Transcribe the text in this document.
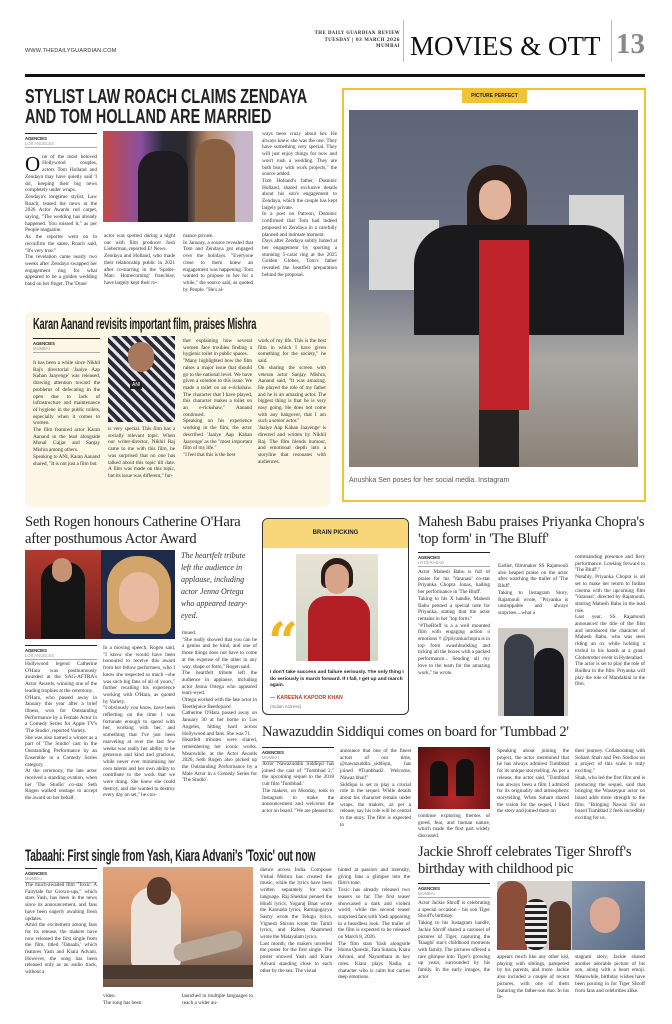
WWW.THEDAILYGUARDIAN.COM
THE DAILY GUARDIAN REVIEW
TUESDAY | 03 MARCH 2026
MUMBAI MOVIES & OTT 13
STYLIST LAW ROACH CLAIMS ZENDAYA AND TOM HOLLAND ARE MARRIED
AGENCIES
LOS ANGELES

One of the most beloved Hollywood couples, actors Tom Holland and Zendaya may have quietly said 'I do', keeping their big news completely under wraps.
Zendaya's longtime stylist, Law Roach, teased the news at the 2026 Actor Awards red carpet, saying, "The wedding has already happened. You missed it," as per People magazine.
As the reporter went on to reconfirm the same, Roach said, "It's very true."
The revelation came nearly two weeks after Zendaya swapped her engagement ring for what appeared to be a golden wedding band on her finger. The 'Dune'

actor was spotted during a night out with film producer Josh Lieberman, reported E! News.
Zendaya and Holland, who made their relationship public in 2021 after co-starring in the 'Spider-Man: Homecoming' franchise, have largely kept their ro-
mance private.
In January, a source revealed that Tom and Zendaya got engaged over the holidays. "Everyone close to them knew an engagement was happening. Tom wanted to propose to her for a while," the source said, as quoted by People. "He's al-
ways been crazy about her. He always knew she was the one. They have something very special. They will just enjoy things for now and won't rush a wedding. They are both busy with work projects," the source added.
Tom Holland's father, Dominic Holland, shared exclusive details about his son's engagement to Zendaya, which the couple has kept largely private.
In a post on Patreon, Dominic confirmed that Tom had indeed proposed to Zendaya in a carefully planned and intimate moment.
Days after Zendaya subtly hinted at her engagement by sporting a stunning 5-carat ring at the 2025 Golden Globes, Tom's father revealed the heartfelt preparation behind the proposal.
PICTURE PERFECT
Anushka Sen poses for her social media. Instagram
Karan Aanand revisits important film, praises Mishra
AGENCIES
MUMBAI
It has been a while since Nikhil Raj's directorial 'Jaaiye Aap Kahan Jaayenge' was released, drawing attention toward the problems of defecating in the open due to lack of infrastructure and maintenance of hygiene in the public toilets, especially when it comes to women.
The film featured actor Karan Aanand in the lead alongside Monal Gajjar and Sanjay Mishra among others.
Speaking to ANI, Karan Aanand shared, "It is not just a film but
ANI
is very special. This film has a socially relevant topic. When our writer-director, Nikhil Raj came to me with this film, he was surprised that no one has talked about this topic till date. A film was made on this topic, but its issue was different," fur-
ther explaining how several women face troubles finding a hygienic toilet in public spaces.
"Many highlighted how the film raises a major issue that should go to the national level. We have given a solution to this issue. We made a toilet on an e-rickshaw. The character that I have played, this character makes a toilet on an e-rickshaw," Aanand continued.
Speaking on his experience working in the film, the actor described 'Jaaiye Aap Kahan Jaayenge' as the "most important film of my life."
"I feel that this is the best
work of my life. This is the best film in which I have given something for the society," he said.
On sharing the screen with veteran actor Sanjay Mishra, Aanand said, "It was amazing. He played the role of my father and he is an amazing actor. The biggest thing is that he is very easy going. He does not come with any hangover, that I am such a senior actor."
'Jaaiye Aap Kahan Jaayenge' is directed and written by Nikhil Raj. The film blends humour, and emotional depth into a storyline that resonates with audiences.
Seth Rogen honours Catherine O'Hara after posthumous Actor Award
The heartfelt tribute left the audience in applause, including actor Jenna Ortega who appeared teary-eyed.
AGENCIES
LOS ANGELES
Hollywood legend Catherine O'Hara was posthumously awarded at the SAG-AFTRA's Actor Awards, winning one of the leading trophies at the ceremony.
O'Hara, who passed away in January this year after a brief illness, won for Outstanding Performance by a Female Actor in a Comedy Series for Apple TV's 'The Studio', reported Variety.
She was also named a winner as a part of 'The Studio' cast in the Outstanding Performance by an Ensemble in a Comedy Series category.
At the ceremony, the late actor received a standing ovation, when her 'The Studio' co-star Seth Rogen walked onstage to accept the award on her behalf.
In a moving speech, Rogen said, "I know she would have been honoured to receive this award from her fellow performers, who I know she respected so much --she was such big fans of all of yours," further recalling his experience working with O'Hara, as quoted by Variety.
"I obviously you know, have been reflecting on the time I was fortunate enough to spend with her, working with her, and something that I've just been marveling at over the last few weeks was really her ability to be generous and kind and gracious, while never ever minimising her own talents and her own ability to contribute to the work that we were doing. She knew she could destroy, and she wanted to destroy every day on set," he con-
tinued.
"She really showed that you can be a genius and be kind, and one of those things does not have to come at the expense of the other in any way, shape or form," Rogen said.
The heartfelt tribute left the audience in applause, including actor Jenna Ortega who appeared teary-eyed.
Ortega worked with the late actor in 'Beetlejuice Beetlejuice'.
Catherine O'Hara passed away on January 30 at her home in Los Angeles, hitting hard across Hollywood and fans. She was 71.
Heartfelt tributes were shared, remembering her iconic works. Meanwhile, at the Actor Awards 2026, Seth Rogen also picked up the Outstanding Performance by a Male Actor in a Comedy Series for 'The Studio'.
BRAIN PICKING
“
I don't take success and failure seriously. The only thing I do seriously is march forward. If I fall, I get up and march again.
— KAREENA KAPOOR KHAN
(Indian Actress)
Mahesh Babu praises Priyanka Chopra's 'top form' in 'The Bluff'
AGENCIES
HYDERABAD
Actor Mahesh Babu is full of praise for his 'Varanasi' co-star Priyanka Chopra Jonas, hailing her performance in 'The Bluff'.
Taking to his X handle, Mahesh Babu penned a special note for Priyanka, stating that the actor remains in her "top form."
"#TheBluff is a a well mounted film with engaging action n emotions !! @priyankachopra is in top form swashbuckling and ticking all the boxes with a packed performance... Sending all my love to the team for the amazing work," he wrote.
Earlier, filmmaker SS Rajamouli also heaped praise on the actor after watching the trailer of 'The Bluff'.
Taking to Instagram Story, Rajamouli wrote, "Priyanka is unstoppable and always surprises....what a
commanding presence and fiery performance. Looking forward to 'The Bluff'."
Notably, Priyanka Chopra is all set to make her return to Indian cinema with the upcoming film 'Varanasi', directed by Rajamouli, starring Mahesh Babu in the lead role.
Last year, SS Rajamouli announced the title of the film and introduced the character of Mahesh Babu, who was seen riding an ox while holding a trishul in his hands at a grand Globetrotter event in Hyderabad.
The actor is set to play the role of Rudhra in the film. Priyanka will play the role of Mandakini in the film.
Nawazuddin Siddiqui comes on board for 'Tumbbad 2'
AGENCIES
MUMBAI
Actor Nawazuddin Siddiqui has joined the cast of "Tumbbad 2," the upcoming sequel to the 2018 cult film 'Tumbbad.'
The makers, on Monday, took to Instagram to make the announcement and welcome the actor on board. "We are pleased to
announce that one of the finest actors of our time, @nawazuddin._siddiqui, has joined #Tumbbad2. Welcome, Nawaz bhai!"
Siddiqui is set to play a crucial role in the sequel. While details about his character remain under wraps, the makers, as per a release, say his role will be central to the story. The film is expected to
continue exploring themes of greed, fear, and human nature, which made the first part widely discussed.
Speaking about joining the project, the actor mentioned that he has always admired Tumbbad for its unique storytelling. As per a release, the actor said, "Tumbbad has always been a film I admired for its originality and atmospheric storytelling. When Soham shared the vision for the sequel, I liked the story and joined them on
their journey. Collaborating with Soham Shah and Pen Studios on a project of this scale is truly exciting."
Shah, who led the first film and is producing the sequel, said that bringing the Wasseypur actor on board adds more strength to the film. "Bringing Nawaz Sir on board Tumbbad 2 feels incredibly exciting for us.
Tabaahi: First single from Yash, Kiara Advani's 'Toxic' out now
AGENCIES
MUMBAI
The much-awaited film "Toxic: A Fairytale for Grown-ups," which stars Yash, has been in the news since its announcement, and fans have been eagerly awaiting fresh updates.
Amid the excitement among fans for its release, the makers have now released the first single from the film, titled 'Tabaahi,' which features Yash and Kiara Advani. However, the song has been released only as an audio track, without a
video.
The song has been
launched in multiple languages to reach a wider au-
dience across India. Composer Vishal Mishra has created the music, while the lyrics have been written separately for each language. Raj Shekhar penned the Hindi lyrics, Yogaraj Bhat wrote the Kannada lyrics, Ramajogayya Sastry wrote the Telugu lyrics, Vignesh Shivan wrote the Tamil lyrics, and Rafeeq Ahammed wrote the Malayalam lyrics.
Last month, the makers unveiled the poster for the first single. The poster showed Yash and Kiara Advani standing close to each other by the sea. The visual
hinted at passion and intensity, giving fans a glimpse into the film's tone.
Toxic has already released two teasers so far. The first teaser showcased a dark and violent world, while the second teaser surprised fans with Yash appearing in a beardless look. The trailer of the film is expected to be released on March 8, 2026.
The film stars Yash alongside Huma Qureshi, Tara Sutaria, Kiara Advani, and Nayanthara in key roles. Kiara plays Nadia, a character who is calm but carries deep emotions.
Jackie Shroff celebrates Tiger Shroff's birthday with childhood pic
AGENCIES
MUMBAI
Actor Jackie Shroff is celebrating a special occasion - his son Tiger Shroff's birthday.
Taking to his Instagram handle, Jackie Shroff shared a carousel of pictures of Tiger, capturing the 'Baaghi' star's childhood moments with family. The pictures offered a rare glimpse into Tiger's growing up years, surrounded by his family. In the early images, the actor
appears much like any other kid, playing with siblings, pampered by his parents, and more. Jackie also included a couple of recent pictures, with one of them featuring the father-son duo. In his In-
stagram story, Jackie shared another adorable picture of his son, along with a heart emoji. Meanwhile, birthday wishes have been pouring in for Tiger Shroff from fans and celebrities alike.
